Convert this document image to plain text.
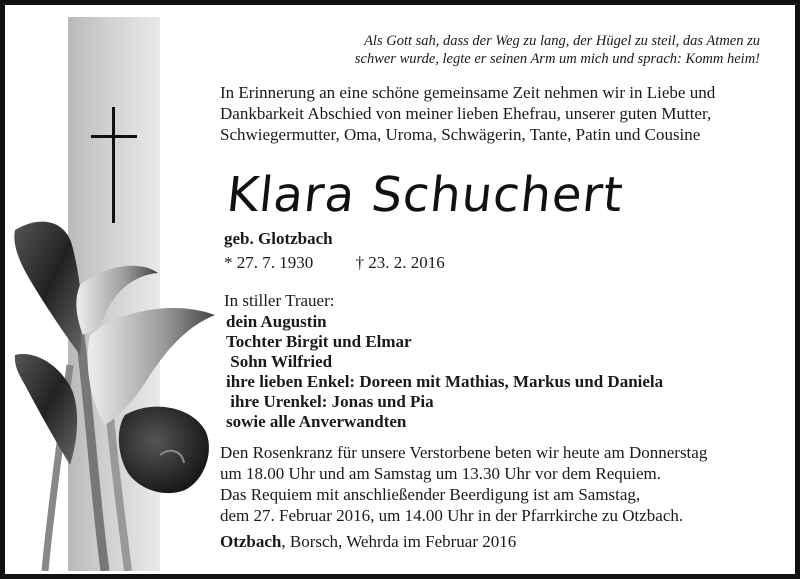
Als Gott sah, dass der Weg zu lang, der Hügel zu steil, das Atmen zu
schwer wurde, legte er seinen Arm um mich und sprach: Komm heim!
In Erinnerung an eine schöne gemeinsame Zeit nehmen wir in Liebe und
Dankbarkeit Abschied von meiner lieben Ehefrau, unserer guten Mutter,
Schwiegermutter, Oma, Uroma, Schwägerin, Tante, Patin und Cousine
Klara Schuchert
geb. Glotzbach
* 27. 7. 1930 † 23. 2. 2016
In stiller Trauer:
dein Augustin
Tochter Birgit und Elmar
Sohn Wilfried
ihre lieben Enkel: Doreen mit Mathias, Markus und Daniela
ihre Urenkel: Jonas und Pia
sowie alle Anverwandten
Den Rosenkranz für unsere Verstorbene beten wir heute am Donnerstag
um 18.00 Uhr und am Samstag um 13.30 Uhr vor dem Requiem.
Das Requiem mit anschließender Beerdigung ist am Samstag,
dem 27. Februar 2016, um 14.00 Uhr in der Pfarrkirche zu Otzbach.
Otzbach, Borsch, Wehrda im Februar 2016
